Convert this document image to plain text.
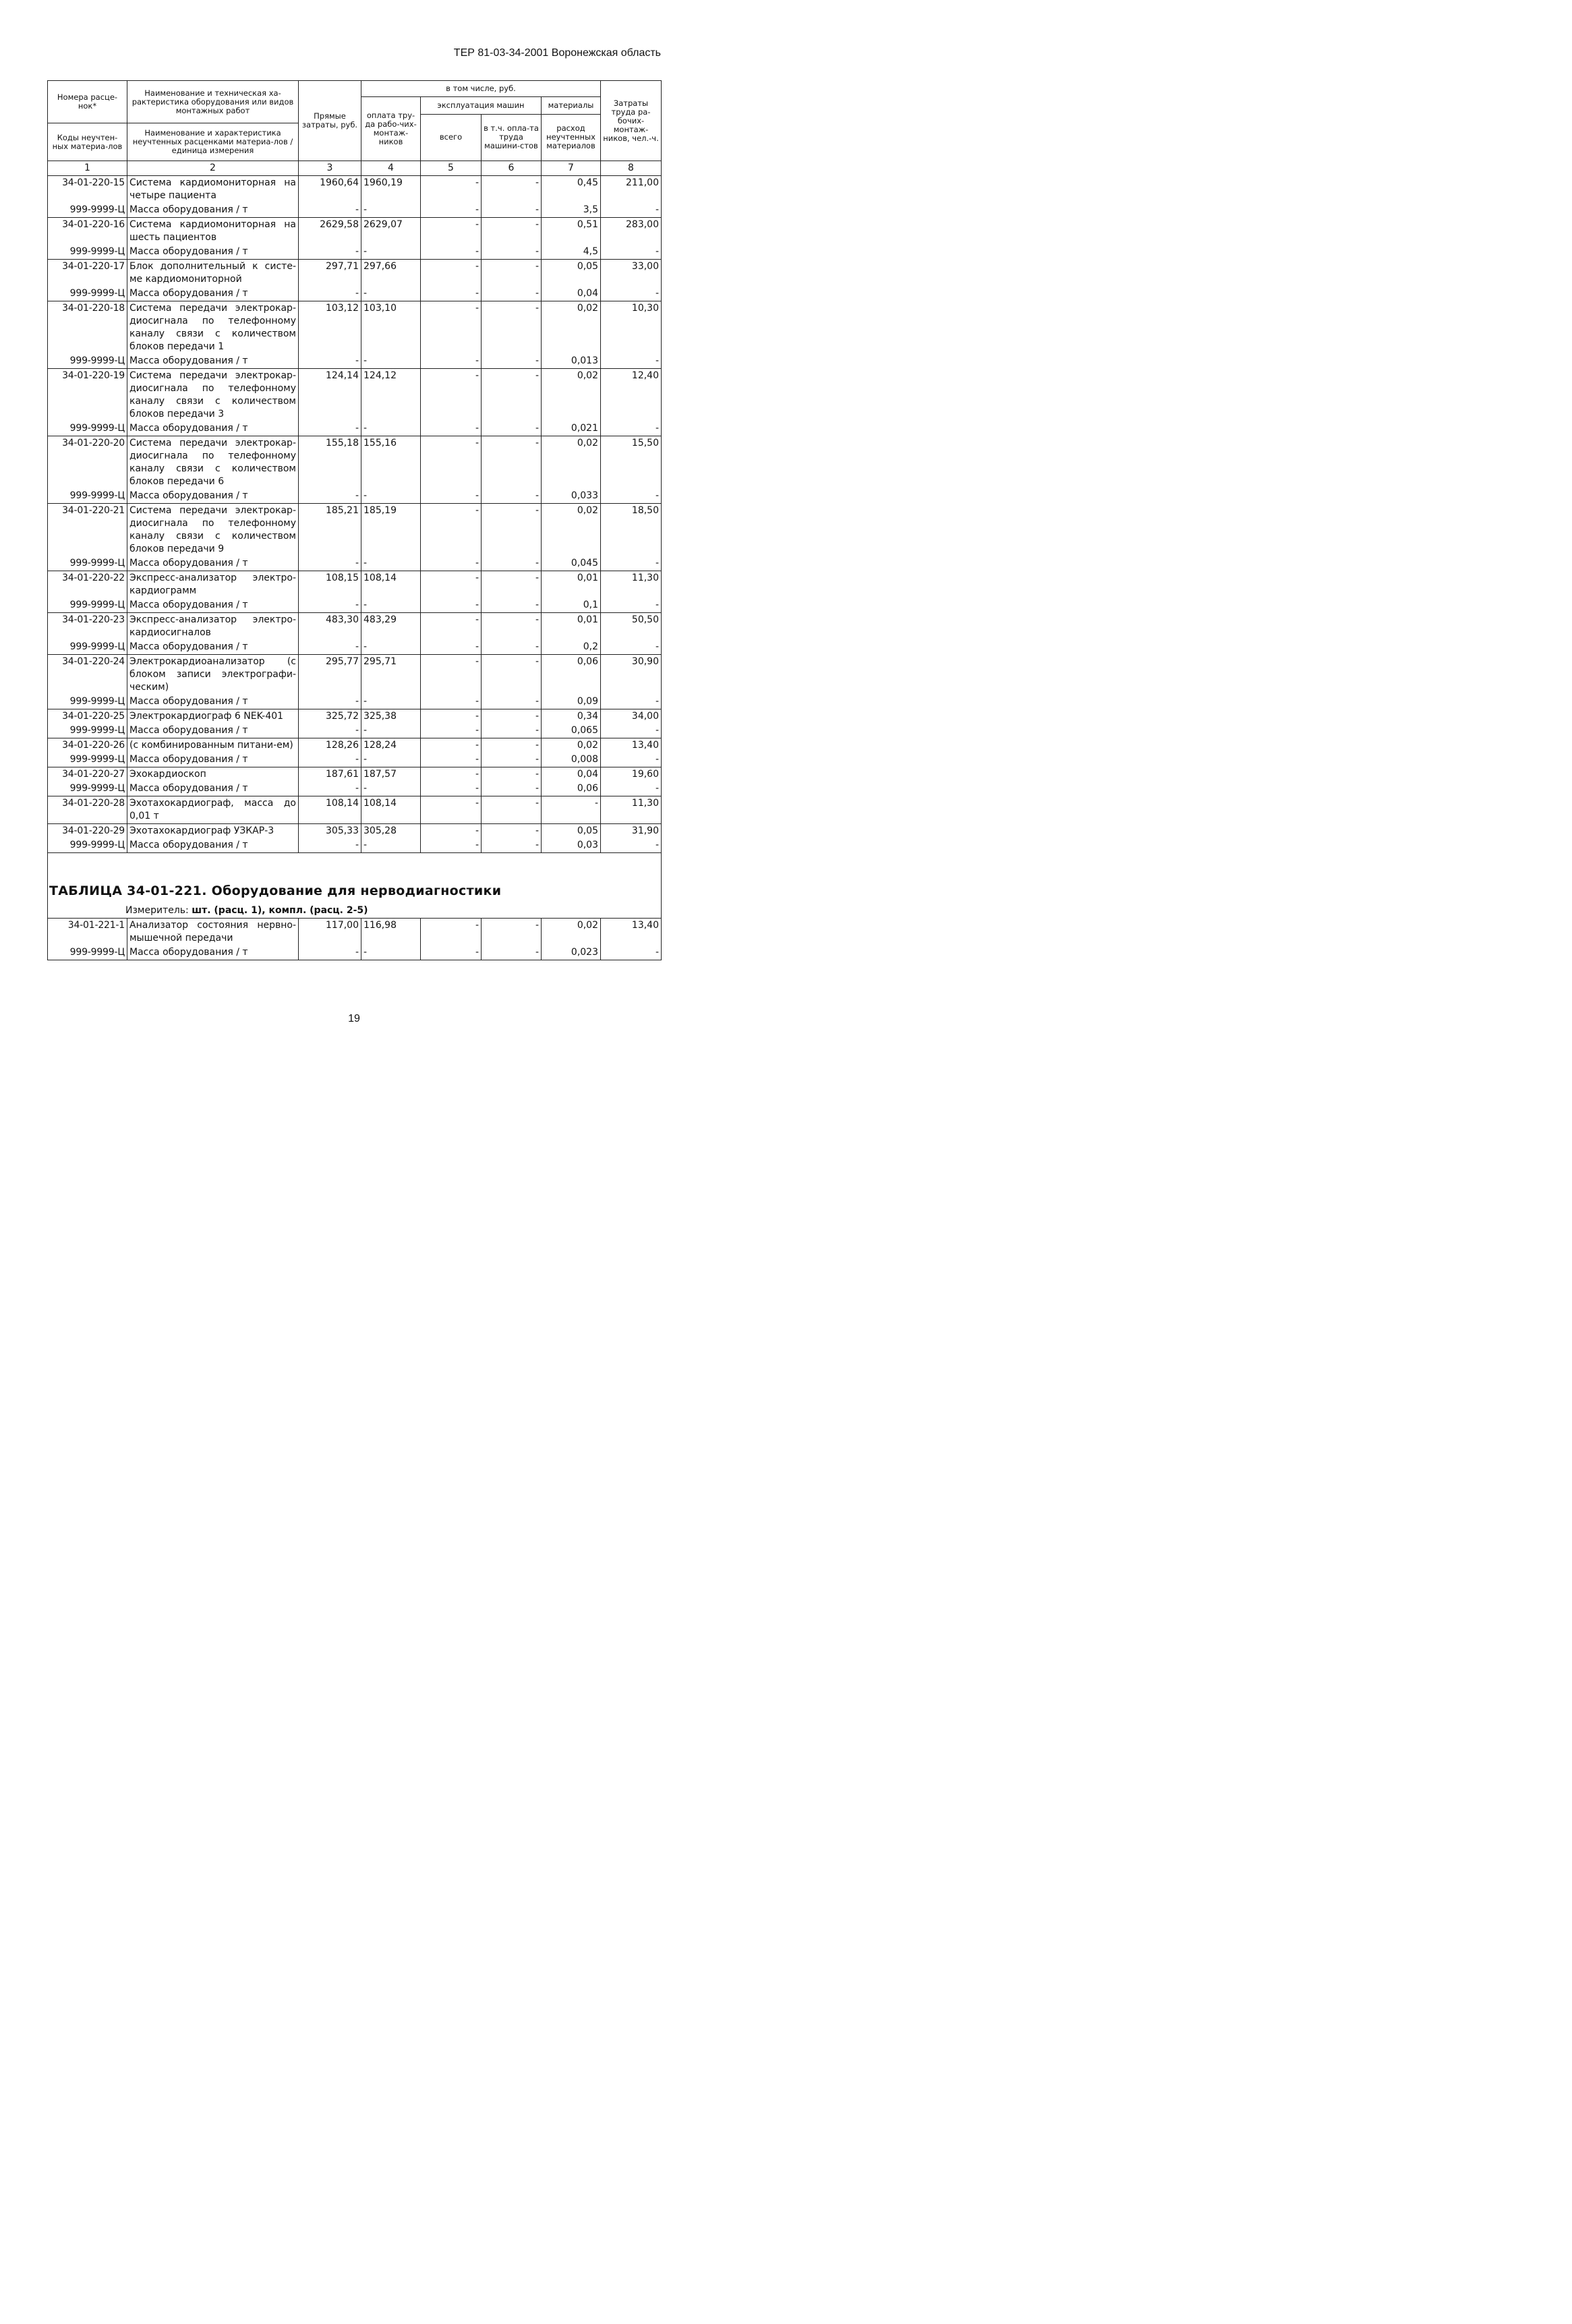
ТЕР 81-03-34-2001 Воронежская область
Номера расце-нок*	Наименование и техническая ха-рактеристика оборудования или видов монтажных работ	Прямые затраты, руб.	в том числе, руб.				Затраты труда ра-бочих-монтаж-ников, чел.-ч.
			оплата тру-да рабо-чих-монтаж-ников	эксплуатация машин		материалы	
				всего	в т.ч. опла-та труда машини-стов	расход неучтенных материалов	
Коды неучтен-ных материа-лов	Наименование и характеристика неучтенных расценками материа-лов / единица измерения						

1	2	3	4	5	6	7	8
34-01-220-15	Система кардиомониторная на четыре пациента	1960,64	1960,19	-	-	0,45	211,00
999-9999-Ц	Масса оборудования / т	-	-	-	-	3,5	-
34-01-220-16	Система кардиомониторная на шесть пациентов	2629,58	2629,07	-	-	0,51	283,00
999-9999-Ц	Масса оборудования / т	-	-	-	-	4,5	-
34-01-220-17	Блок дополнительный к систе-ме кардиомониторной	297,71	297,66	-	-	0,05	33,00
999-9999-Ц	Масса оборудования / т	-	-	-	-	0,04	-
34-01-220-18	Система передачи электрокар-диосигнала по телефонному каналу связи с количеством блоков передачи 1	103,12	103,10	-	-	0,02	10,30
999-9999-Ц	Масса оборудования / т	-	-	-	-	0,013	-
34-01-220-19	Система передачи электрокар-диосигнала по телефонному каналу связи с количеством блоков передачи 3	124,14	124,12	-	-	0,02	12,40
999-9999-Ц	Масса оборудования / т	-	-	-	-	0,021	-
34-01-220-20	Система передачи электрокар-диосигнала по телефонному каналу связи с количеством блоков передачи 6	155,18	155,16	-	-	0,02	15,50
999-9999-Ц	Масса оборудования / т	-	-	-	-	0,033	-
34-01-220-21	Система передачи электрокар-диосигнала по телефонному каналу связи с количеством блоков передачи 9	185,21	185,19	-	-	0,02	18,50
999-9999-Ц	Масса оборудования / т	-	-	-	-	0,045	-
34-01-220-22	Экспресс-анализатор электро-кардиограмм	108,15	108,14	-	-	0,01	11,30
999-9999-Ц	Масса оборудования / т	-	-	-	-	0,1	-
34-01-220-23	Экспресс-анализатор электро-кардиосигналов	483,30	483,29	-	-	0,01	50,50
999-9999-Ц	Масса оборудования / т	-	-	-	-	0,2	-
34-01-220-24	Электрокардиоанализатор (с блоком записи электрографи-ческим)	295,77	295,71	-	-	0,06	30,90
999-9999-Ц	Масса оборудования / т	-	-	-	-	0,09	-
34-01-220-25	Электрокардиограф 6 NEK-401	325,72	325,38	-	-	0,34	34,00
999-9999-Ц	Масса оборудования / т	-	-	-	-	0,065	-
34-01-220-26	(с комбинированным питани-ем)	128,26	128,24	-	-	0,02	13,40
999-9999-Ц	Масса оборудования / т	-	-	-	-	0,008	-
34-01-220-27	Эхокардиоскоп	187,61	187,57	-	-	0,04	19,60
999-9999-Ц	Масса оборудования / т	-	-	-	-	0,06	-
34-01-220-28	Эхотахокардиограф, масса до 0,01 т	108,14	108,14	-	-	-	11,30
34-01-220-29	Эхотахокардиограф УЗКАР-3	305,33	305,28	-	-	0,05	31,90
999-9999-Ц	Масса оборудования / т	-	-	-	-	0,03	-

ТАБЛИЦА 34-01-221. Оборудование для нерводиагностики
Измеритель: шт. (расц. 1), компл. (расц. 2-5)							

34-01-221-1	Анализатор состояния нервно-мышечной передачи	117,00	116,98	-	-	0,02	13,40
999-9999-Ц	Масса оборудования / т	-	-	-	-	0,023	-
19
